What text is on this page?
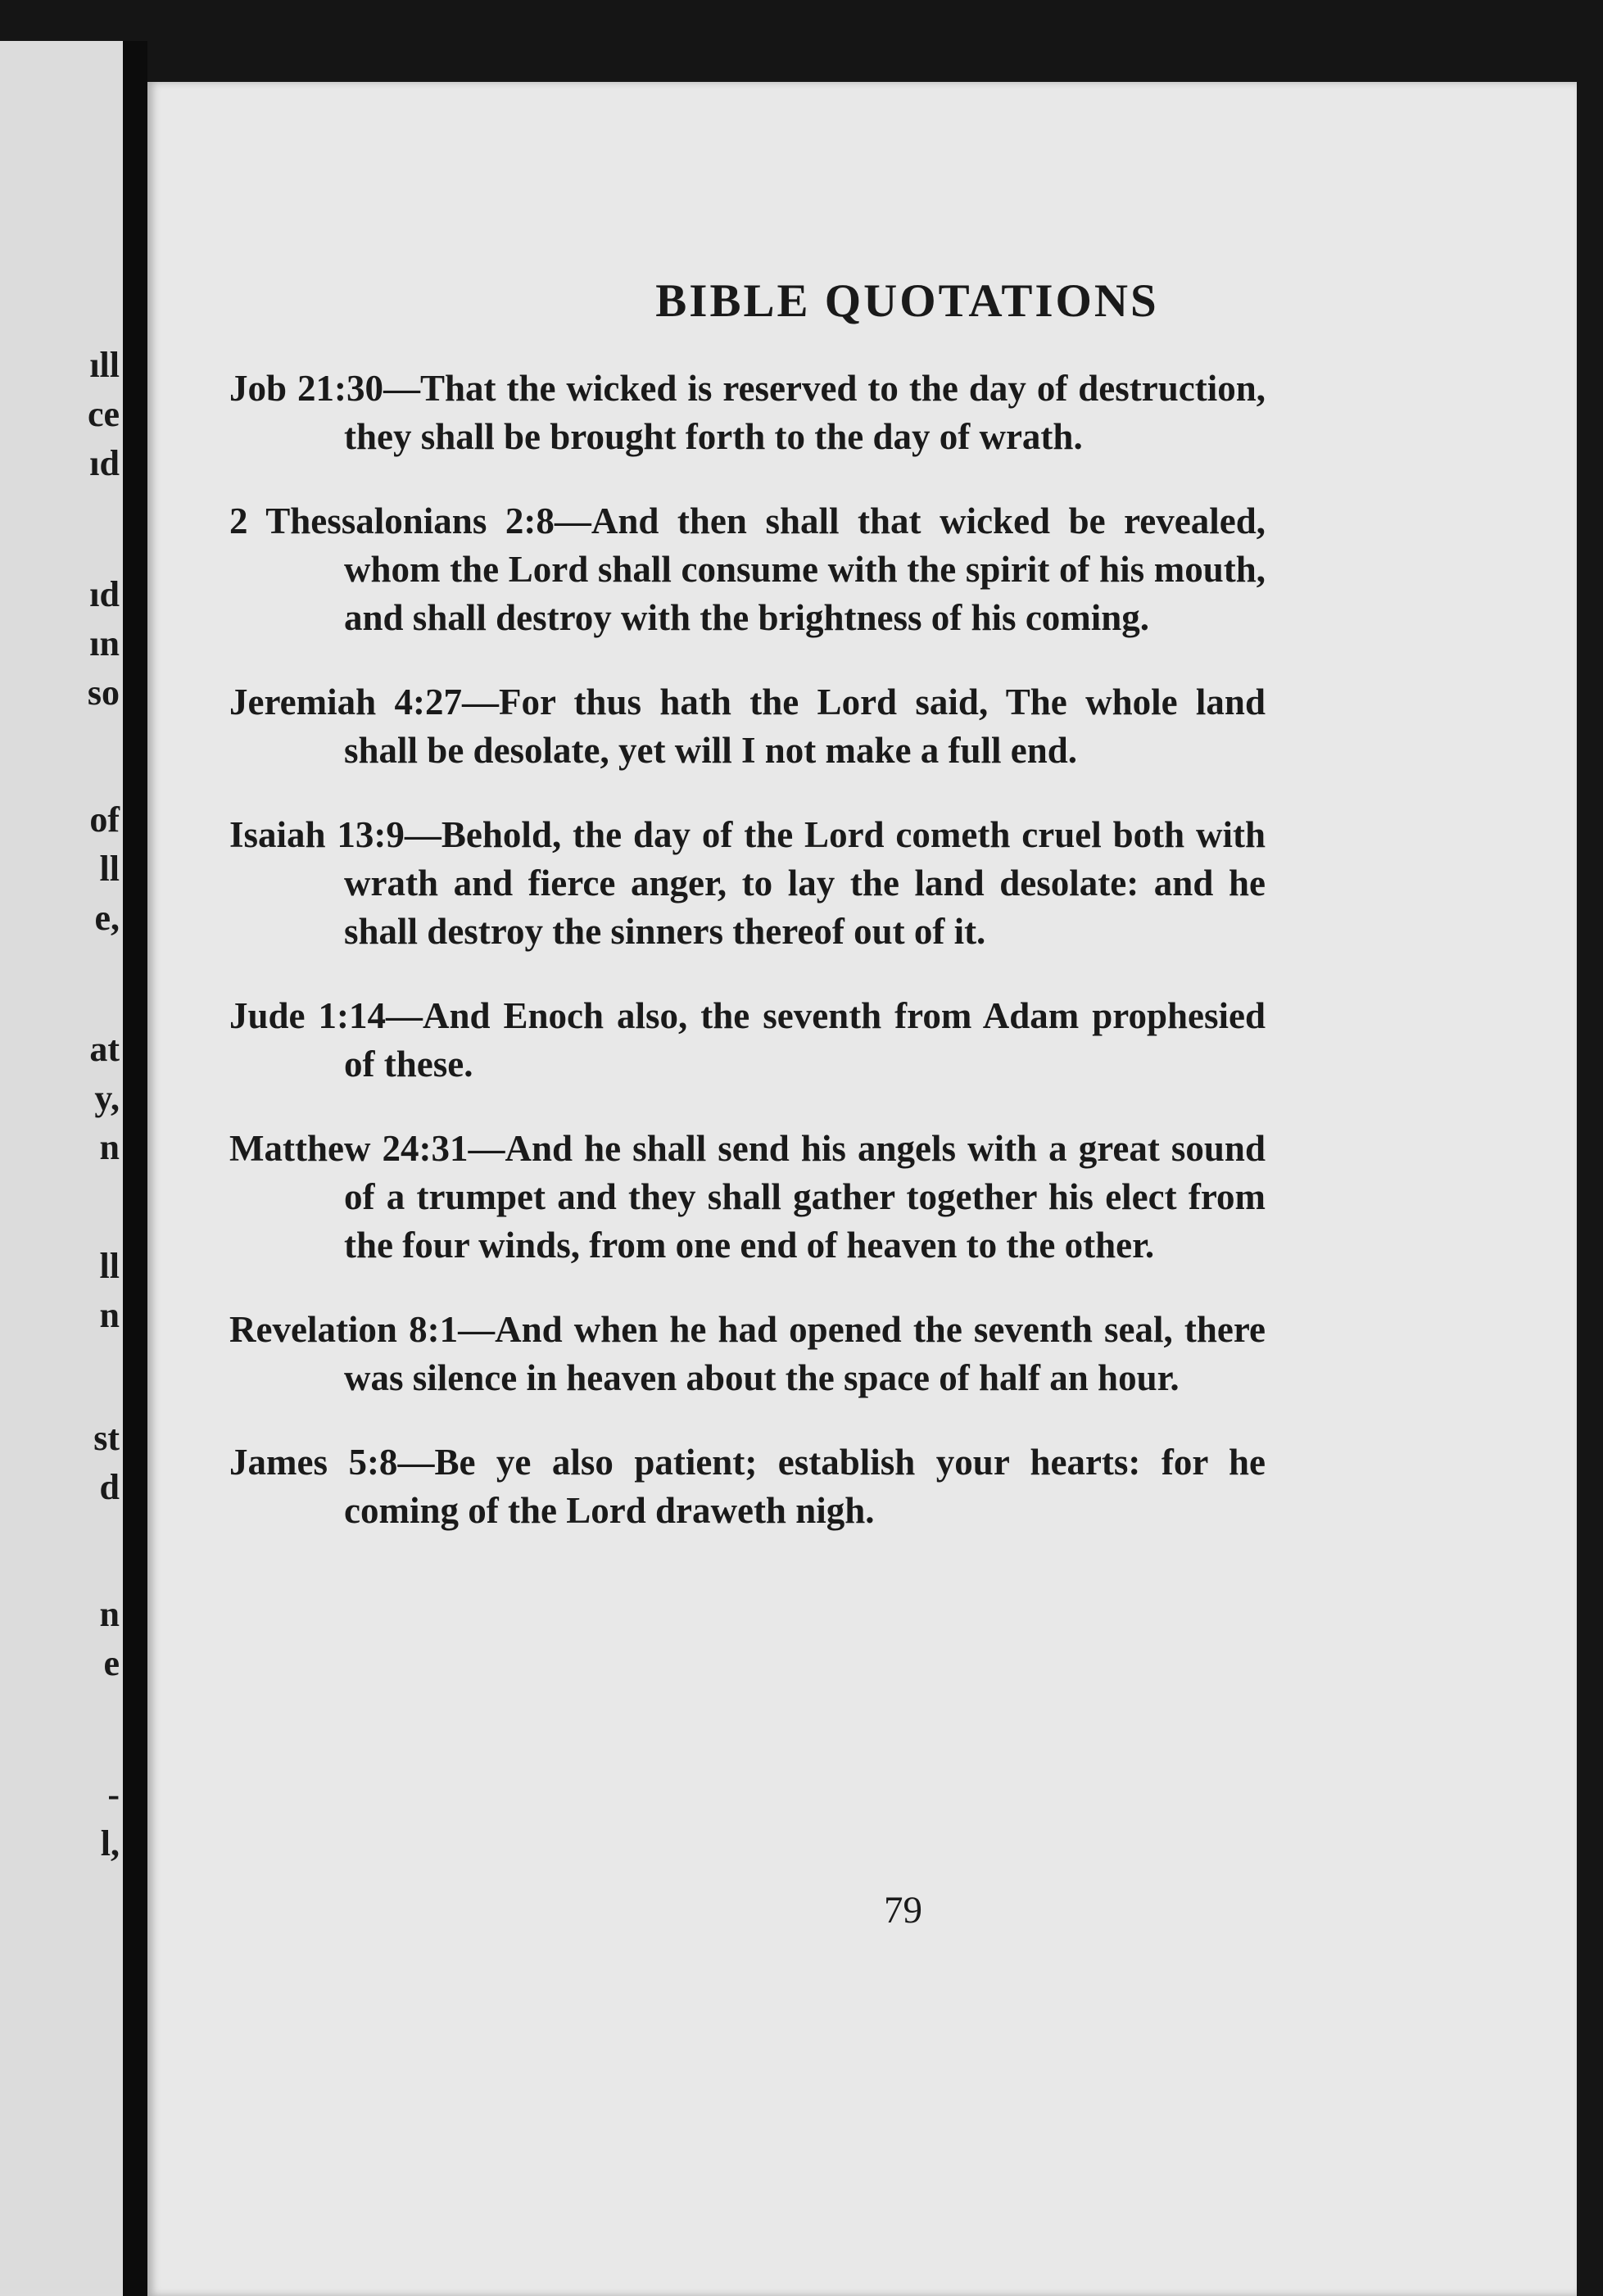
ıll

ce

ıd

ıd

ın

so

of

ll

e,

at

y,

n

ll

n

st

d

n

e

-

l,

BIBLE QUOTATIONS

Job 21:30—That the wicked is reserved to the day of destruction, they shall be brought forth to the day of wrath.

2 Thessalonians 2:8—And then shall that wicked be revealed, whom the Lord shall consume with the spirit of his mouth, and shall destroy with the brightness of his coming.

Jeremiah 4:27—For thus hath the Lord said, The whole land shall be desolate, yet will I not make a full end.

Isaiah 13:9—Behold, the day of the Lord cometh cruel both with wrath and fierce anger, to lay the land desolate: and he shall destroy the sinners thereof out of it.

Jude 1:14—And Enoch also, the seventh from Adam prophesied of these.

Matthew 24:31—And he shall send his angels with a great sound of a trumpet and they shall gather together his elect from the four winds, from one end of heaven to the other.

Revelation 8:1—And when he had opened the seventh seal, there was silence in heaven about the space of half an hour.

James 5:8—Be ye also patient; establish your hearts: for he coming of the Lord draweth nigh.

79
